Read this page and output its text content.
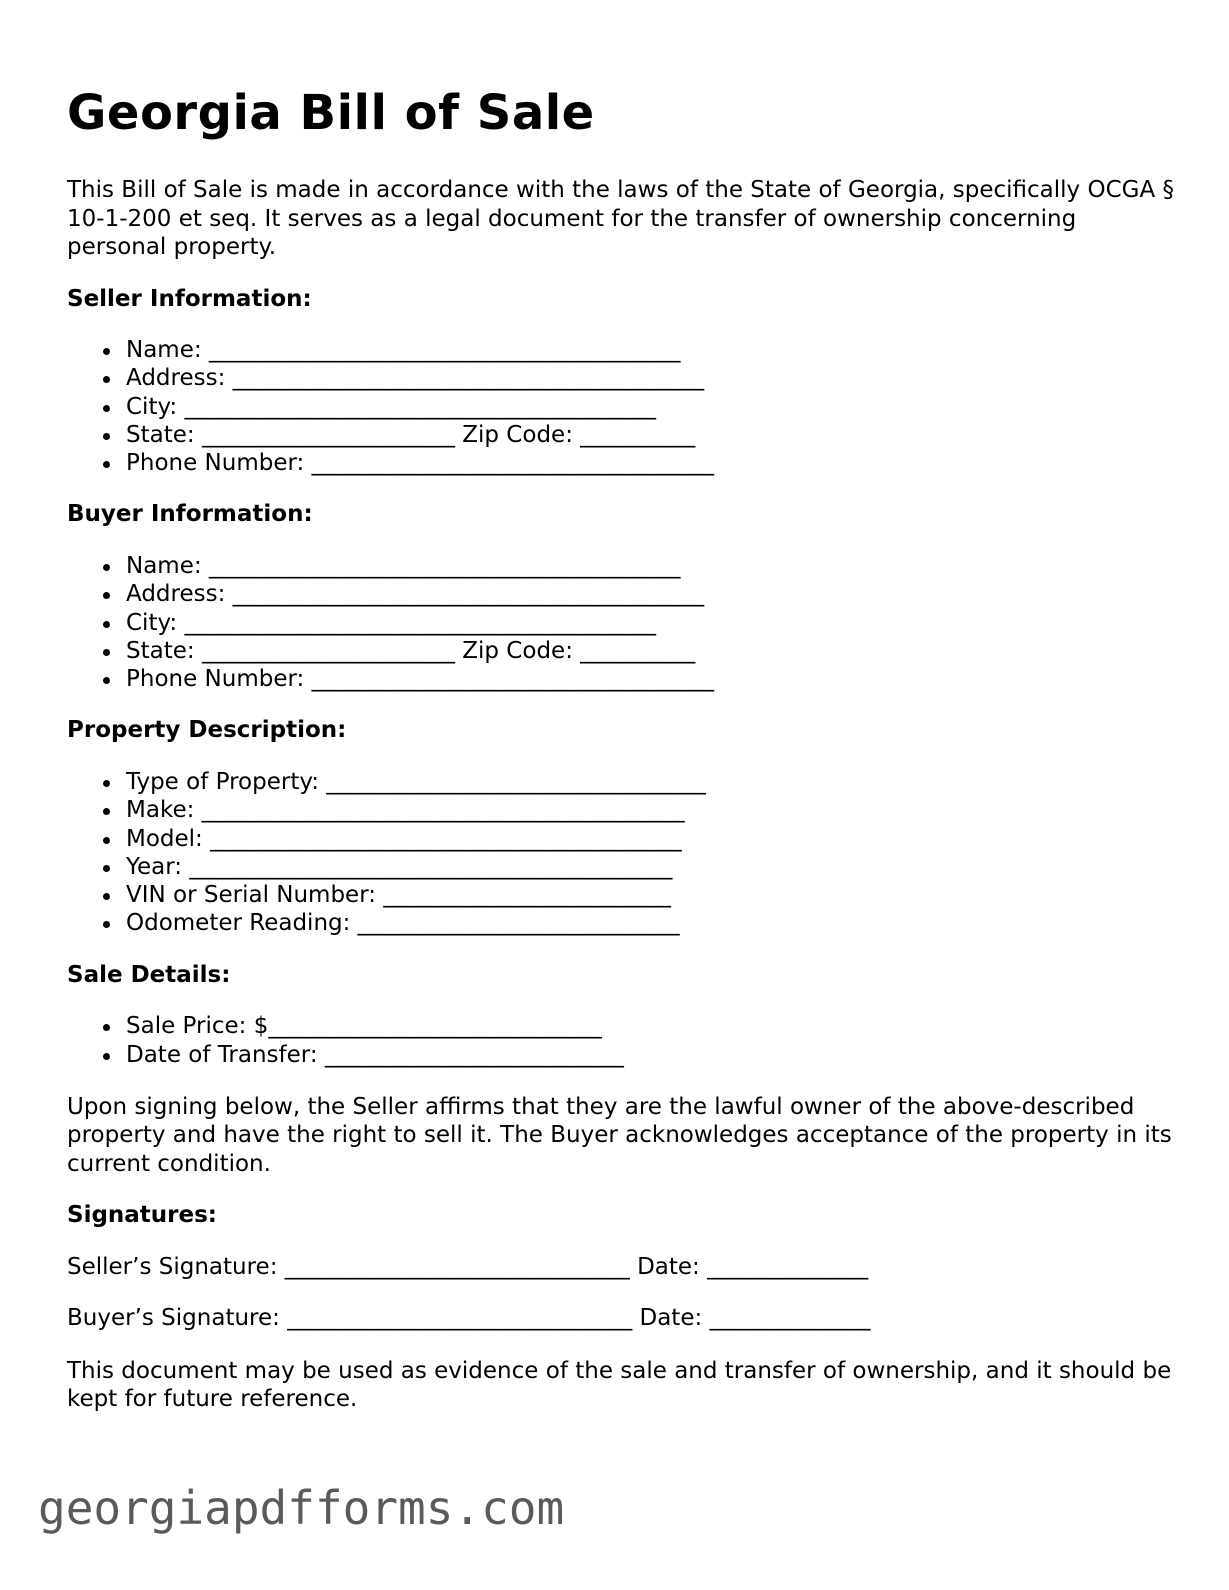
Georgia Bill of Sale

This Bill of Sale is made in accordance with the laws of the State of Georgia, specifically OCGA § 10-1-200 et seq. It serves as a legal document for the transfer of ownership concerning personal property.

Seller Information:
Name: _________________________________________
Address: _________________________________________
City: _________________________________________
State: ______________________ Zip Code: __________
Phone Number: ___________________________________
Buyer Information:
Name: _________________________________________
Address: _________________________________________
City: _________________________________________
State: ______________________ Zip Code: __________
Phone Number: ___________________________________
Property Description:
Type of Property: _________________________________
Make: __________________________________________
Model: _________________________________________
Year: __________________________________________
VIN or Serial Number: _________________________
Odometer Reading: ____________________________
Sale Details:
Sale Price: $_____________________________
Date of Transfer: __________________________

Upon signing below, the Seller affirms that they are the lawful owner of the above-described property and have the right to sell it. The Buyer acknowledges acceptance of the property in its current condition.

Signatures:

Seller’s Signature: ______________________________ Date: ______________

Buyer’s Signature: ______________________________ Date: ______________

This document may be used as evidence of the sale and transfer of ownership, and it should be kept for future reference.

georgiapdfforms.com
